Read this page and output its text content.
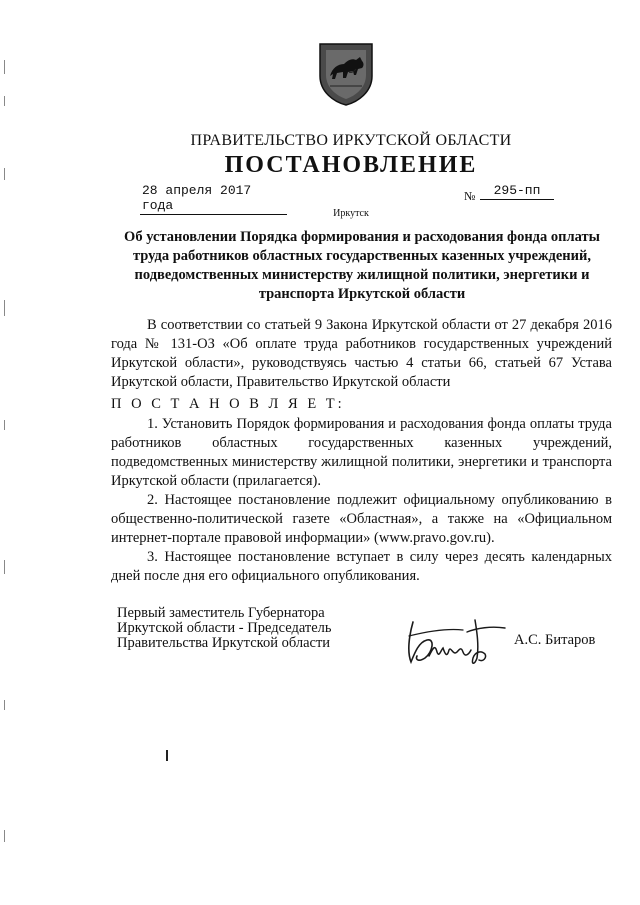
ПРАВИТЕЛЬСТВО ИРКУТСКОЙ ОБЛАСТИ
ПОСТАНОВЛЕНИЕ
28 апреля 2017 года
№	295-пп
Иркутск
Об установлении Порядка формирования и расходования фонда оплаты труда работников областных государственных казенных учреждений, подведомственных министерству жилищной политики, энергетики и транспорта Иркутской области

В соответствии со статьей 9 Закона Иркутской области от 27 декабря 2016 года № 131-ОЗ «Об оплате труда работников государственных учреждений Иркутской области», руководствуясь частью 4 статьи 66, статьей 67 Устава Иркутской области, Правительство Иркутской области

П О С Т А Н О В Л Я Е Т:

1. Установить Порядок формирования и расходования фонда оплаты труда работников областных государственных казенных учреждений, подведомственных министерству жилищной политики, энергетики и транспорта Иркутской области (прилагается).

2. Настоящее постановление подлежит официальному опубликованию в общественно-политической газете «Областная», а также на «Официальном интернет-портале правовой информации» (www.pravo.gov.ru).

3. Настоящее постановление вступает в силу через десять календарных дней после дня его официального опубликования.

Первый заместитель Губернатора
Иркутской области - Председатель
Правительства Иркутской области	А.С. Битаров
